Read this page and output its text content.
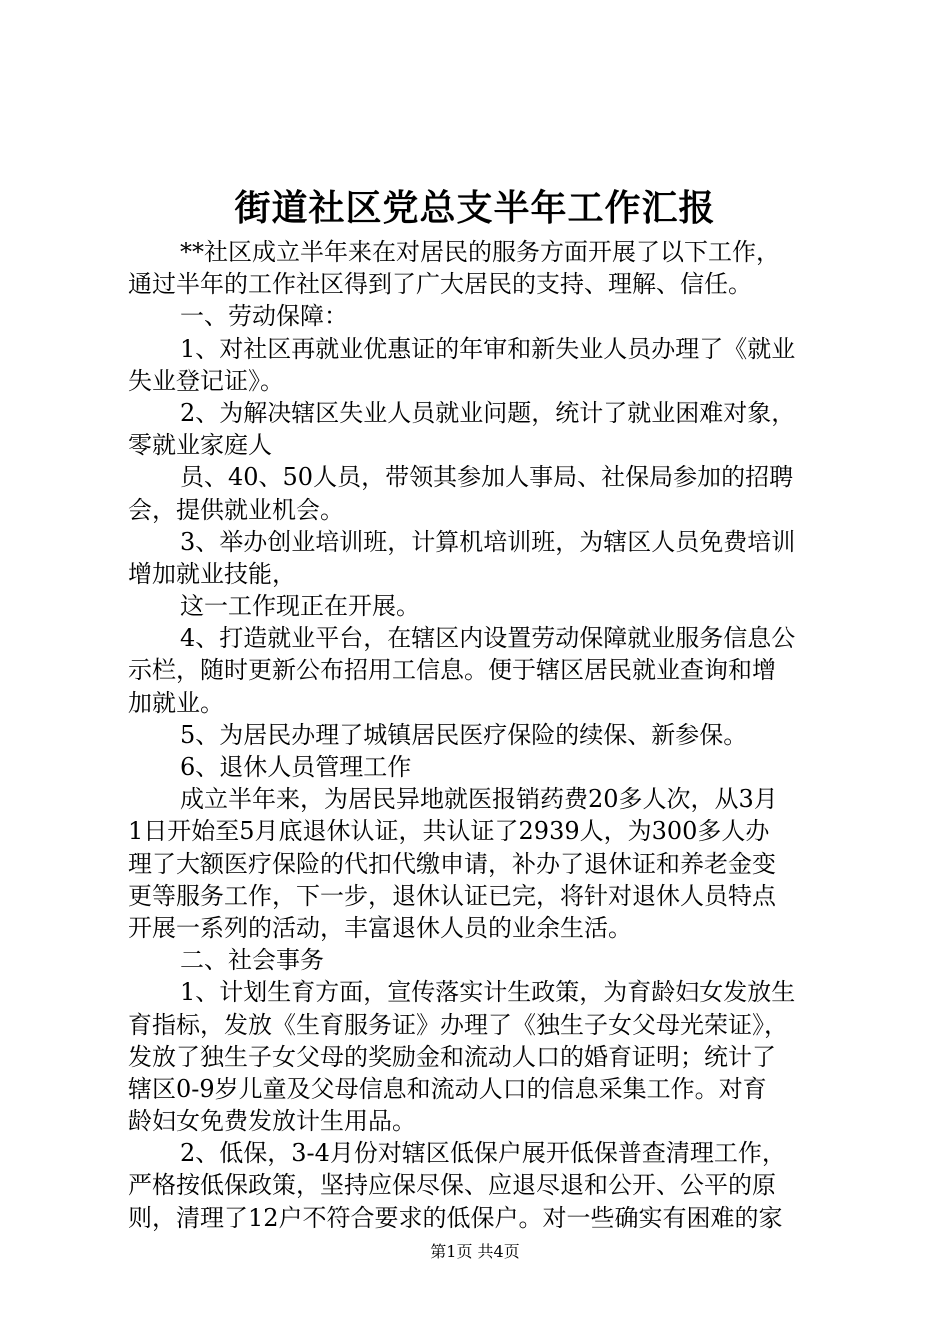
街道社区党总支半年工作汇报
**社区成立半年来在对居民的服务方面开展了以下工作，
通过半年的工作社区得到了广大居民的支持、理解、信任。
一、劳动保障：
1、对社区再就业优惠证的年审和新失业人员办理了《就业
失业登记证》。
2、为解决辖区失业人员就业问题，统计了就业困难对象，
零就业家庭人
员、40、50人员，带领其参加人事局、社保局参加的招聘
会，提供就业机会。
3、举办创业培训班，计算机培训班，为辖区人员免费培训
增加就业技能，
这一工作现正在开展。
4、打造就业平台，在辖区内设置劳动保障就业服务信息公
示栏，随时更新公布招用工信息。便于辖区居民就业查询和增
加就业。
5、为居民办理了城镇居民医疗保险的续保、新参保。
6、退休人员管理工作
成立半年来，为居民异地就医报销药费20多人次，从3月
1日开始至5月底退休认证，共认证了2939人，为300多人办
理了大额医疗保险的代扣代缴申请，补办了退休证和养老金变
更等服务工作，下一步，退休认证已完，将针对退休人员特点
开展一系列的活动，丰富退休人员的业余生活。
二、社会事务
1、计划生育方面，宣传落实计生政策，为育龄妇女发放生
育指标，发放《生育服务证》办理了《独生子女父母光荣证》，
发放了独生子女父母的奖励金和流动人口的婚育证明；统计了
辖区0-9岁儿童及父母信息和流动人口的信息采集工作。对育
龄妇女免费发放计生用品。
2、低保，3-4月份对辖区低保户展开低保普查清理工作，
严格按低保政策，坚持应保尽保、应退尽退和公开、公平的原
则，清理了12户不符合要求的低保户。对一些确实有困难的家
第1页 共4页
